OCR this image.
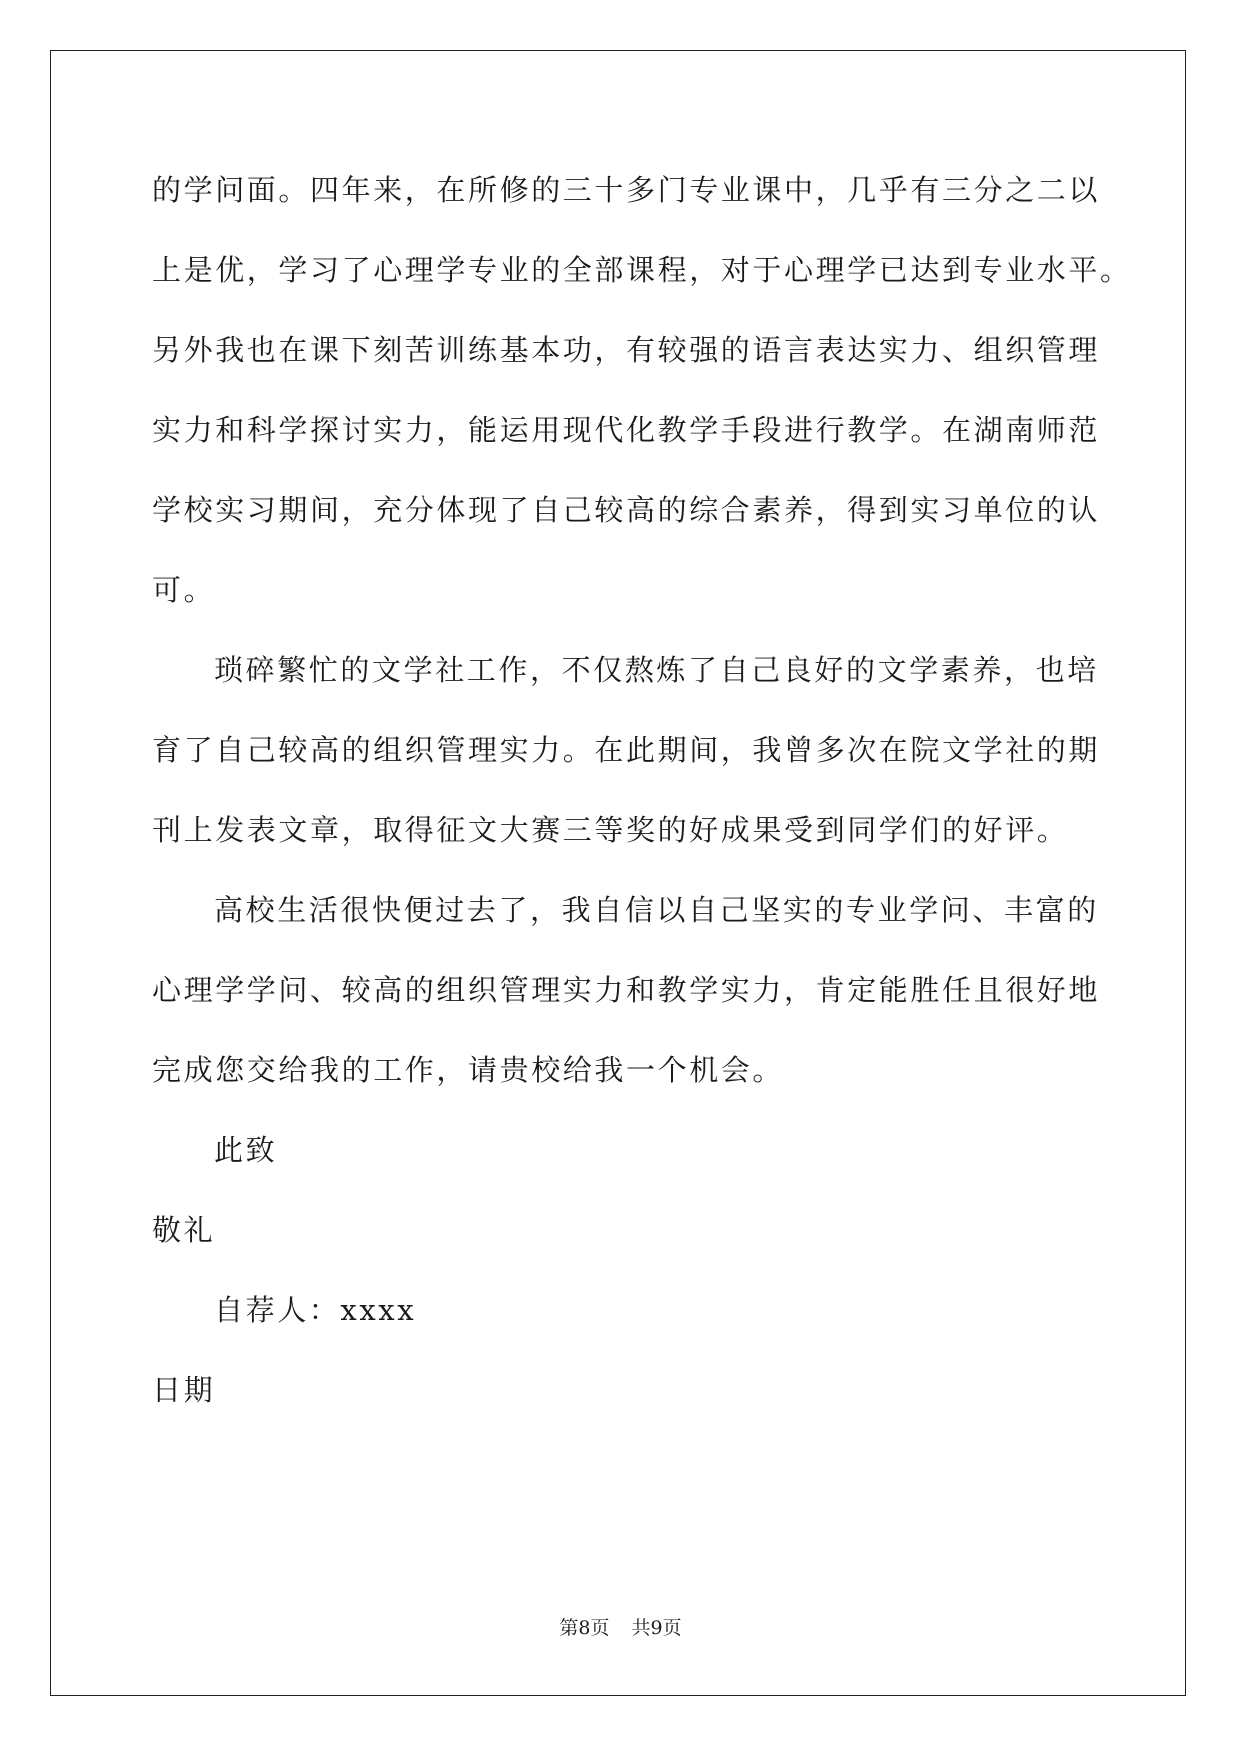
的学问面。四年来，在所修的三十多门专业课中，几乎有三分之二以
上是优，学习了心理学专业的全部课程，对于心理学已达到专业水平。
另外我也在课下刻苦训练基本功，有较强的语言表达实力、组织管理
实力和科学探讨实力，能运用现代化教学手段进行教学。在湖南师范
学校实习期间，充分体现了自己较高的综合素养，得到实习单位的认
可。
琐碎繁忙的文学社工作，不仅熬炼了自己良好的文学素养，也培
育了自己较高的组织管理实力。在此期间，我曾多次在院文学社的期
刊上发表文章，取得征文大赛三等奖的好成果受到同学们的好评。
高校生活很快便过去了，我自信以自己坚实的专业学问、丰富的
心理学学问、较高的组织管理实力和教学实力，肯定能胜任且很好地
完成您交给我的工作，请贵校给我一个机会。
此致
敬礼
自荐人：xxxx
日期
第8页 共9页
